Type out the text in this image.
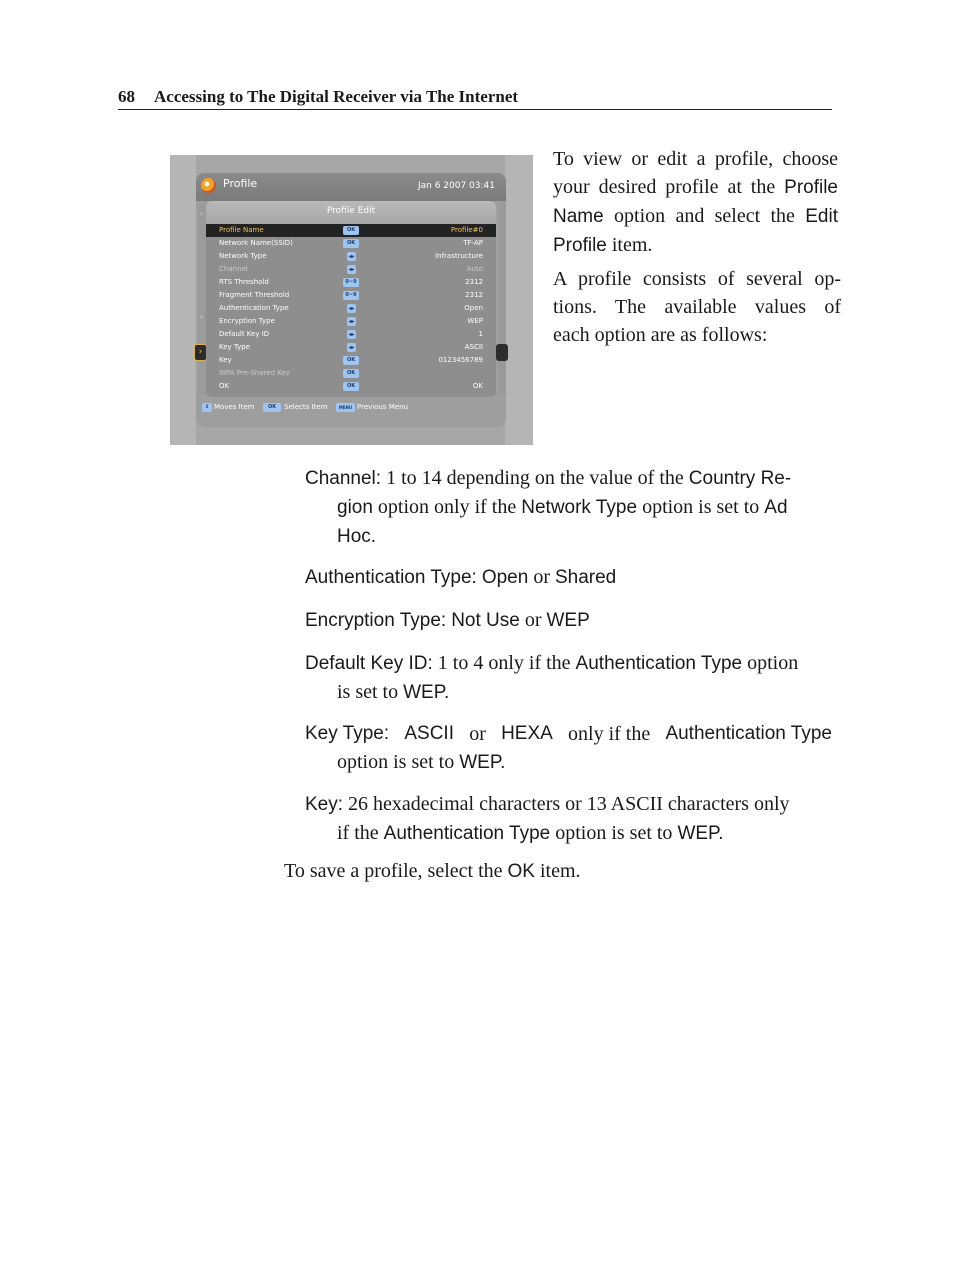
68 Accessing to The Digital Receiver via The Internet
Profile	Jan 6 2007 03:41
›
›
›
Profile Edit
Profile Name	OK	Profile#0
Network Name(SSID)	OK	TF-AP
Network Type	◂▸	Infrastructure
Channel	◂▸	Auto
RTS Threshold	0~9	2312
Fragment Threshold	0~9	2312
Authentication Type	◂▸	Open
Encryption Type	◂▸	WEP
Default Key ID	◂▸	1
Key Type	◂▸	ASCII
Key	OK	0123456789
WPA Pre-Shared Key	OK
OK	OK	OK
⇕ Moves Item	OK	Selects Item	MENU Previous Menu
To view or edit a profile, choose
your desired profile at the Profile
Name option and select the Edit
Profile item.
A profile consists of several op-
tions. The available values of
each option are as follows:
Channel: 1 to 14 depending on the value of the Country Re-
gion option only if the Network Type option is set to Ad
Hoc.
Authentication Type: Open or Shared
Encryption Type: Not Use or WEP
Default Key ID: 1 to 4 only if the Authentication Type option
is set to WEP.
Key Type: ASCII or HEXA only if the Authentication Type
option is set to WEP.
Key: 26 hexadecimal characters or 13 ASCII characters only
if the Authentication Type option is set to WEP.
To save a profile, select the OK item.
